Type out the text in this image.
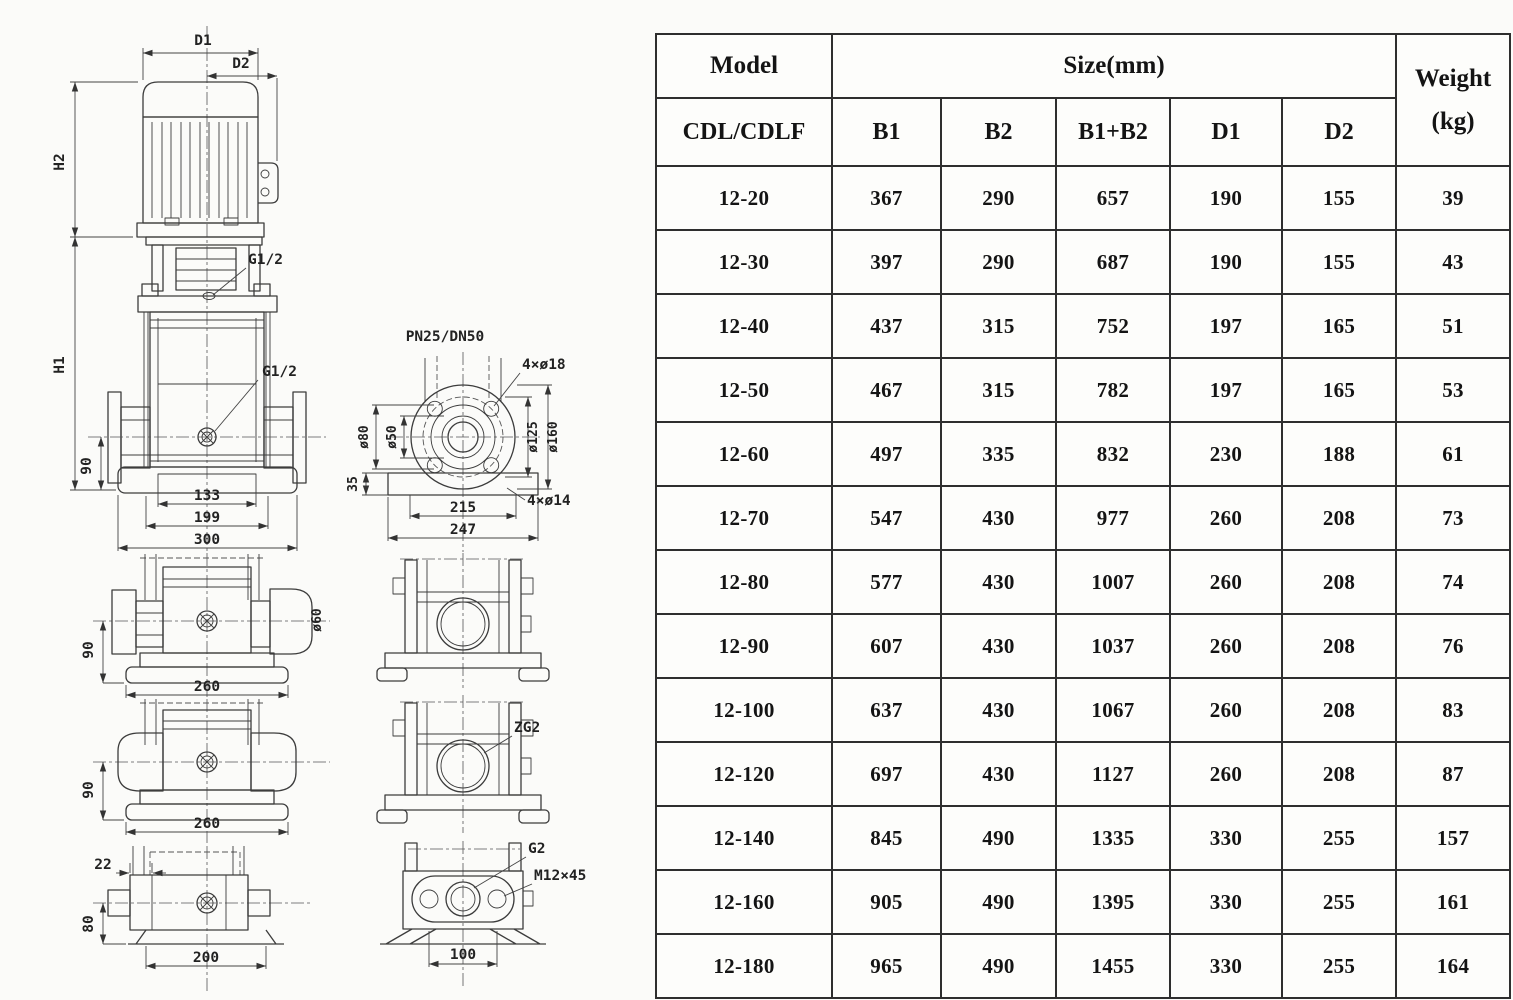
D1
D2
H2
H1
G1/2
G1/2
90
133
199
300
PN25/DN50
4×ø18
ø50
ø80	ø125 ø160
35
4×ø14
215
247
ø60
90
260
90
260
22
80
200
ZG2
G2
M12×45
100
Model	Size(mm)					Weight
(kg)

CDL/CDLF	B1	B2	B1+B2	D1	D2	
12-20	367	290	657	190	155	39
12-30	397	290	687	190	155	43
12-40	437	315	752	197	165	51
12-50	467	315	782	197	165	53
12-60	497	335	832	230	188	61
12-70	547	430	977	260	208	73
12-80	577	430	1007	260	208	74
12-90	607	430	1037	260	208	76
12-100	637	430	1067	260	208	83
12-120	697	430	1127	260	208	87
12-140	845	490	1335	330	255	157
12-160	905	490	1395	330	255	161
12-180	965	490	1455	330	255	164
